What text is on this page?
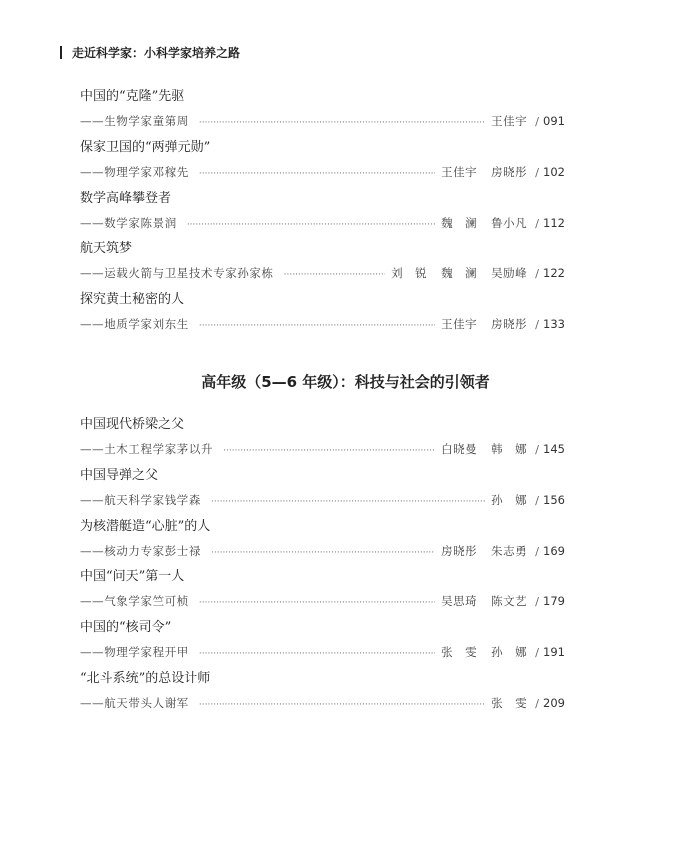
走近科学家：小科学家培养之路
中国的“克隆”先驱
——生物学家童第周 ·····	王佳宇 / 091
保家卫国的“两弹元勋”
——物理学家邓稼先 ·····	王佳宇 房晓彤 / 102
数学高峰攀登者
——数学家陈景润 ·····	魏　澜 鲁小凡 / 112
航天筑梦
——运载火箭与卫星技术专家孙家栋 ·····	刘　锐 魏　澜 吴励峰 / 122
探究黄土秘密的人
——地质学家刘东生 ·····	王佳宇 房晓彤 / 133
高年级（5—6 年级）：科技与社会的引领者
中国现代桥梁之父
——土木工程学家茅以升 ·····	白晓曼 韩　娜 / 145
中国导弹之父
——航天科学家钱学森 ·····	孙　娜 / 156
为核潜艇造“心脏”的人
——核动力专家彭士禄 ·····	房晓彤 朱志勇 / 169
中国“问天”第一人
——气象学家竺可桢 ·····	吴思琦 陈文艺 / 179
中国的“核司令”
——物理学家程开甲 ·····	张　雯 孙　娜 / 191
“北斗系统”的总设计师
——航天带头人谢军 ·····	张　雯 / 209
